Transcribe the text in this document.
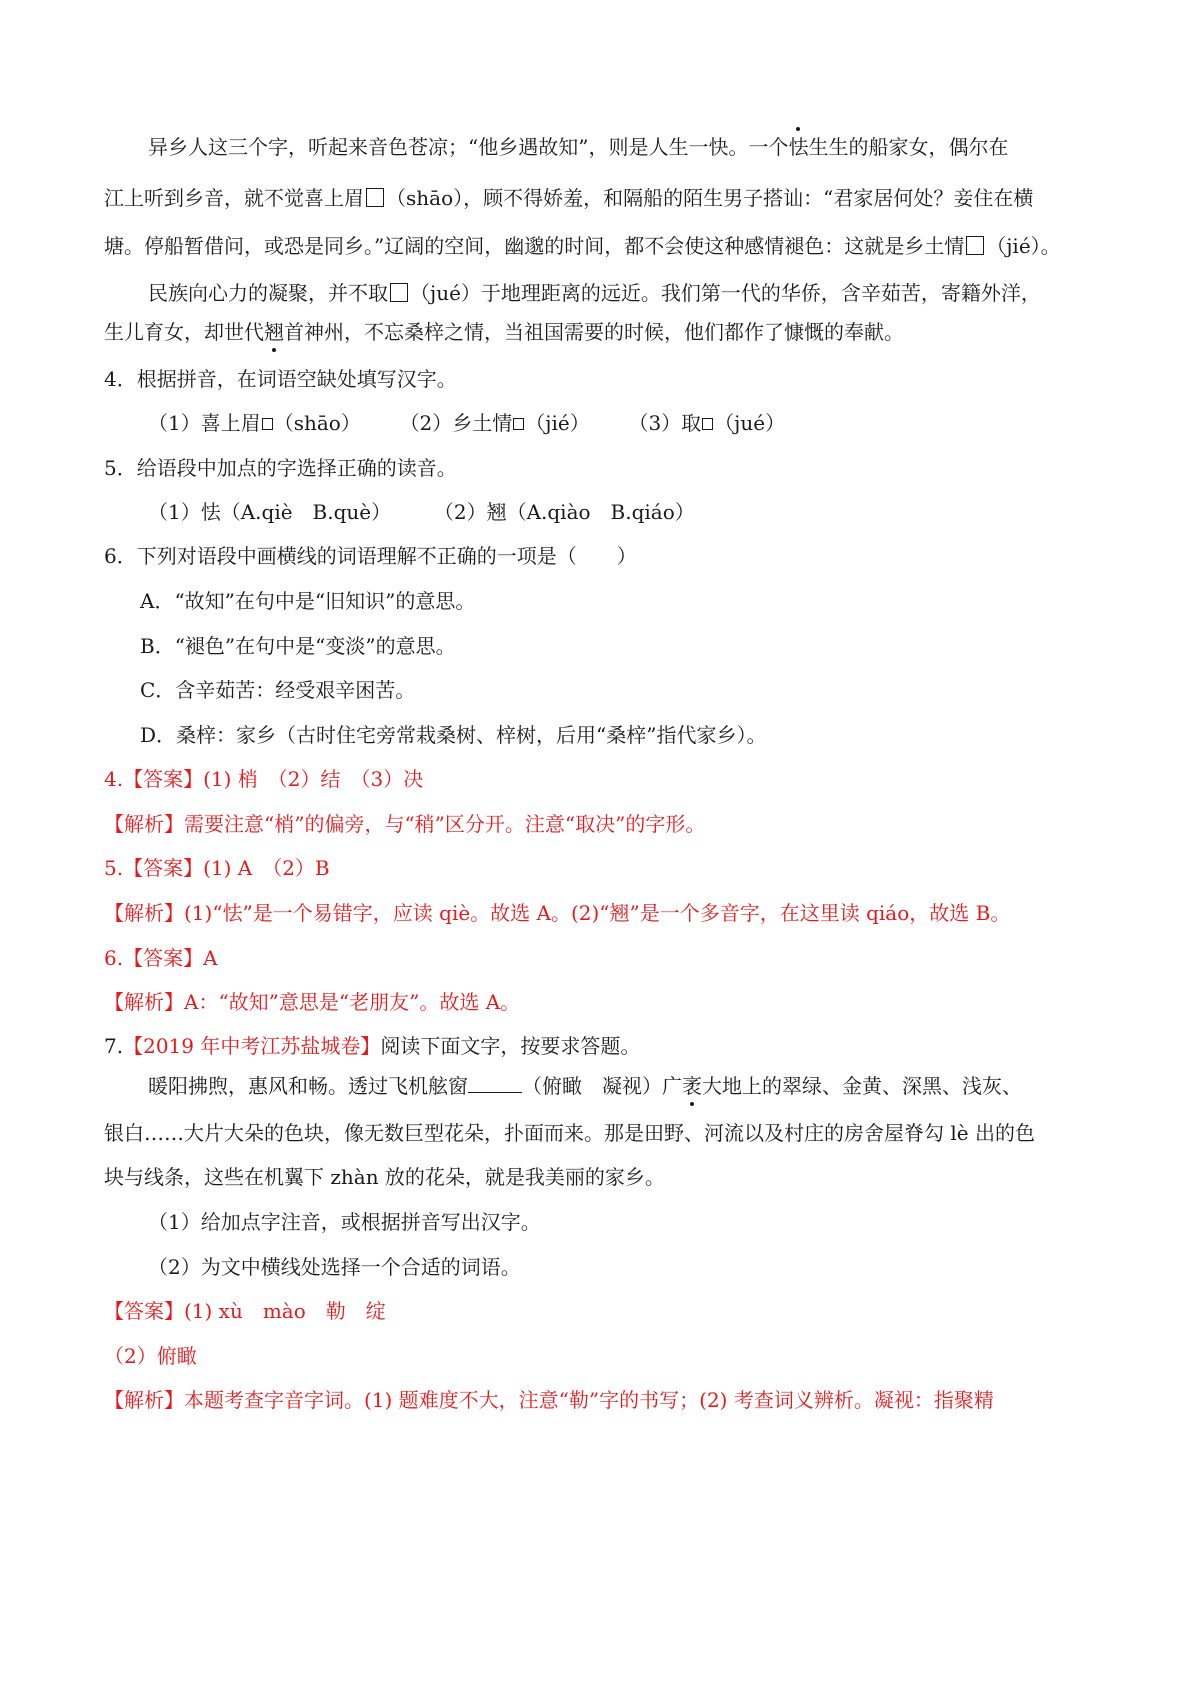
异乡人这三个字，听起来音色苍凉；“他乡遇故知”，则是人生一快。一个怯生生的船家女，偶尔在
江上听到乡音，就不觉喜上眉 （shāo），顾不得娇羞，和隔船的陌生男子搭讪：“君家居何处？妾住在横
塘。停船暂借问，或恐是同乡。”辽阔的空间，幽邈的时间，都不会使这种感情褪色：这就是乡土情 （jié）。
民族向心力的凝聚，并不取 （jué）于地理距离的远近。我们第一代的华侨，含辛茹苦，寄籍外洋，
生儿育女，却世代翘首神州，不忘桑梓之情，当祖国需要的时候，他们都作了慷慨的奉献。
4．根据拼音，在词语空缺处填写汉字。
（1）喜上眉 （shāo） （2）乡土情 （jié） （3）取 （jué）
5．给语段中加点的字选择正确的读音。
（1）怯（A.qiè　B.què） （2）翘（A.qiào　B.qiáo）
6．下列对语段中画横线的词语理解不正确的一项是（　　）
A．“故知”在句中是“旧知识”的意思。
B．“褪色”在句中是“变淡”的意思。
C．含辛茹苦：经受艰辛困苦。
D．桑梓：家乡（古时住宅旁常栽桑树、梓树，后用“桑梓”指代家乡）。
4.【答案】(1) 梢　（2）结　（3）决
【解析】需要注意“梢”的偏旁，与“稍”区分开。注意“取决”的字形。
5.【答案】(1) A　（2）B
【解析】(1)“怯”是一个易错字，应读 qiè。故选 A。(2)“翘”是一个多音字，在这里读 qiáo，故选 B。
6.【答案】A
【解析】A：“故知”意思是“老朋友”。故选 A。
7.【2019 年中考江苏盐城卷】阅读下面文字，按要求答题。
暖阳拂煦，惠风和畅。透过飞机舷窗	（俯瞰　凝视）广袤大地上的翠绿、金黄、深黑、浅灰、
银白……大片大朵的色块，像无数巨型花朵，扑面而来。那是田野、河流以及村庄的房舍屋脊勾 lè 出的色
块与线条，这些在机翼下 zhàn 放的花朵，就是我美丽的家乡。
（1）给加点字注音，或根据拼音写出汉字。
（2）为文中横线处选择一个合适的词语。
【答案】(1) xù　mào　勒　绽
（2）俯瞰
【解析】本题考查字音字词。(1) 题难度不大，注意“勒”字的书写；(2) 考查词义辨析。凝视：指聚精
